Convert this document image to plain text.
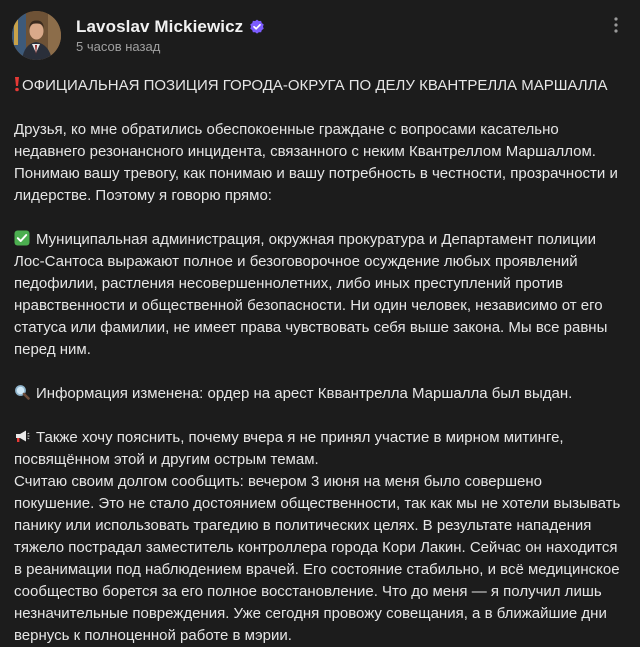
Lavoslav Mickiewicz
5 часов назад

ОФИЦИАЛЬНАЯ ПОЗИЦИЯ ГОРОДА-ОКРУГА ПО ДЕЛУ КВАНТРЕЛЛА МАРШАЛЛА

Друзья, ко мне обратились обеспокоенные граждане с вопросами касательно недавнего резонансного инцидента, связанного с неким Квантреллом Маршаллом. Понимаю вашу тревогу, как понимаю и вашу потребность в честности, прозрачности и лидерстве. Поэтому я говорю прямо:

Муниципальная администрация, окружная прокуратура и Департамент полиции Лос-Сантоса выражают полное и безоговорочное осуждение любых проявлений педофилии, растления несовершеннолетних, либо иных преступлений против нравственности и общественной безопасности. Ни один человек, независимо от его статуса или фамилии, не имеет права чувствовать себя выше закона. Мы все равны перед ним.

Информация изменена: ордер на арест Кввантрелла Маршалла был выдан.

Также хочу пояснить, почему вчера я не принял участие в мирном митинге, посвящённом этой и другим острым темам.

Считаю своим долгом сообщить: вечером 3 июня на меня было совершено покушение. Это не стало достоянием общественности, так как мы не хотели вызывать панику или использовать трагедию в политических целях. В результате нападения тяжело пострадал заместитель контроллера города Кори Лакин. Сейчас он находится в реанимации под наблюдением врачей. Его состояние стабильно, и всё медицинское сообщество борется за его полное восстановление. Что до меня — я получил лишь незначительные повреждения. Уже сегодня провожу совещания, а в ближайшие дни вернусь к полноценной работе в мэрии.
